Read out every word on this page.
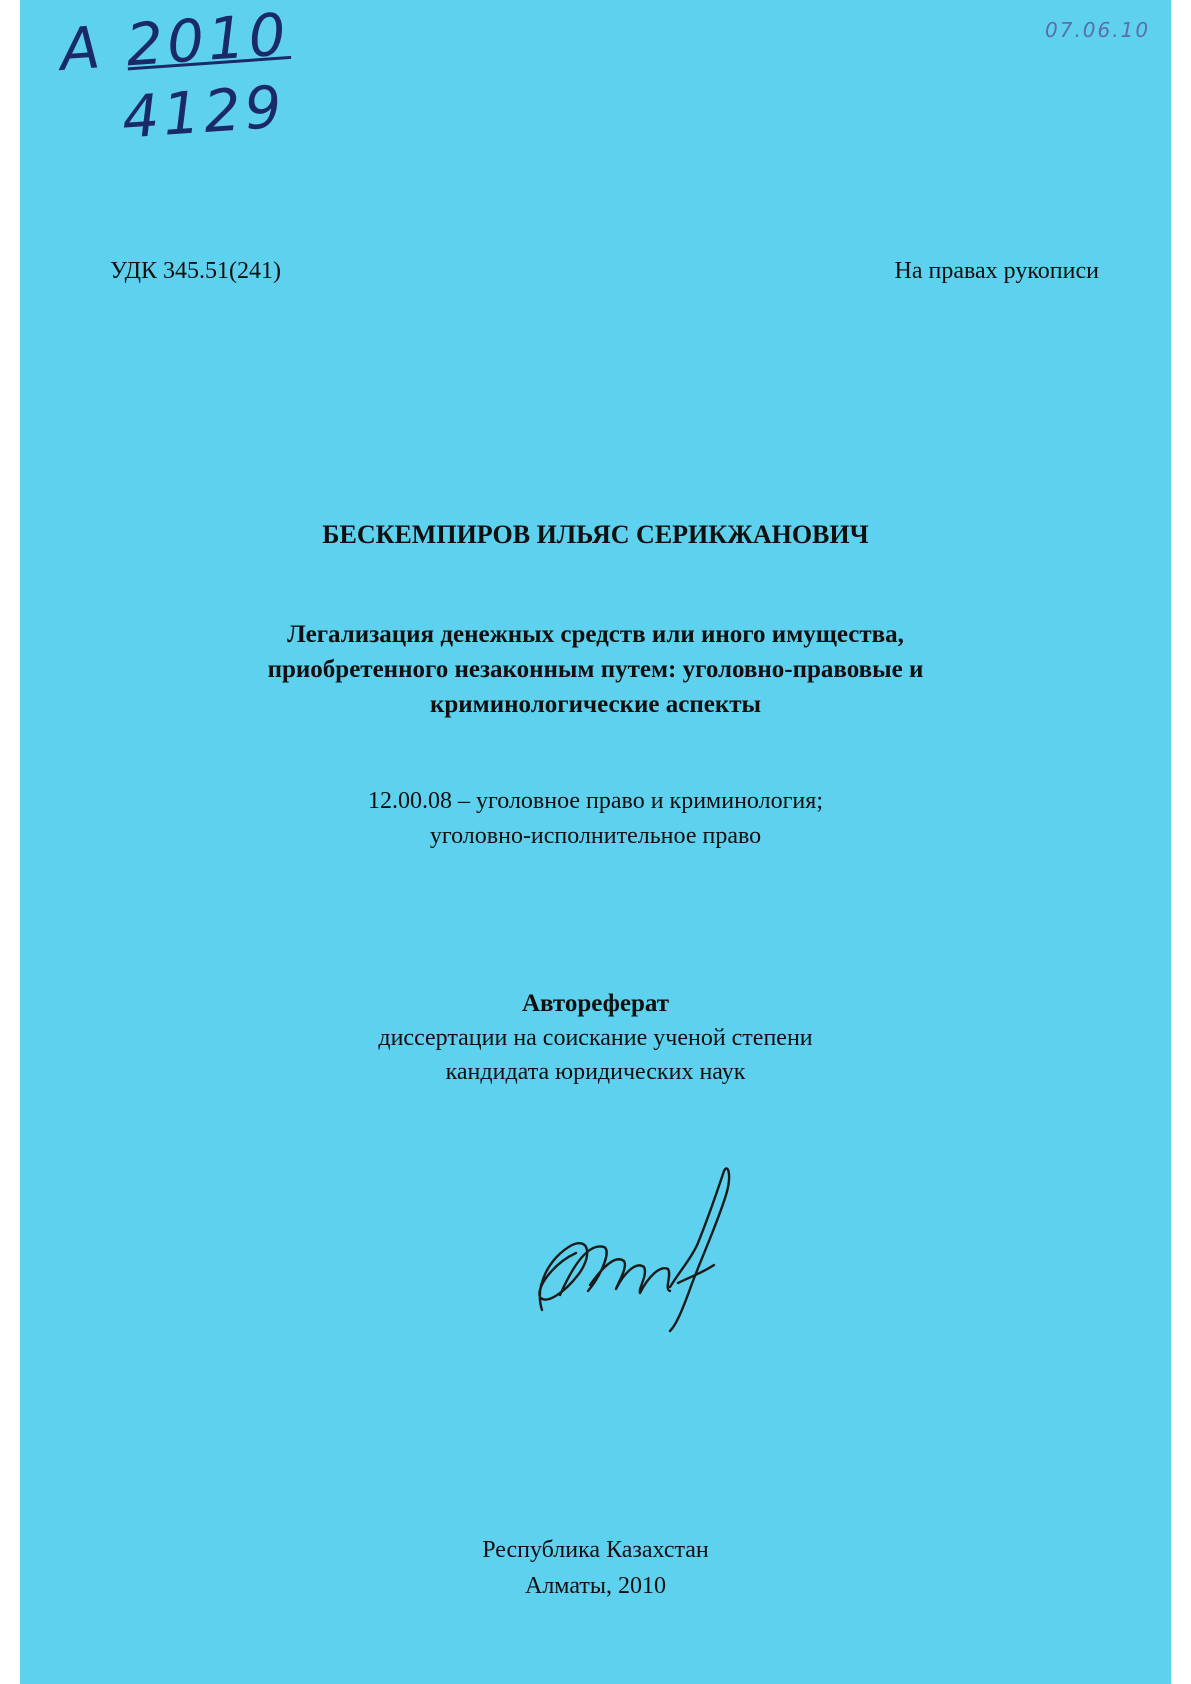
A 2010
4129
07.06.10
УДК 345.51(241)	На правах рукописи
БЕСКЕМПИРОВ ИЛЬЯС СЕРИКЖАНОВИЧ
Легализация денежных средств или иного имущества,
приобретенного незаконным путем: уголовно-правовые и
криминологические аспекты
12.00.08 – уголовное право и криминология;
уголовно-исполнительное право
Автореферат
диссертации на соискание ученой степени
кандидата юридических наук
Республика Казахстан
Алматы, 2010
